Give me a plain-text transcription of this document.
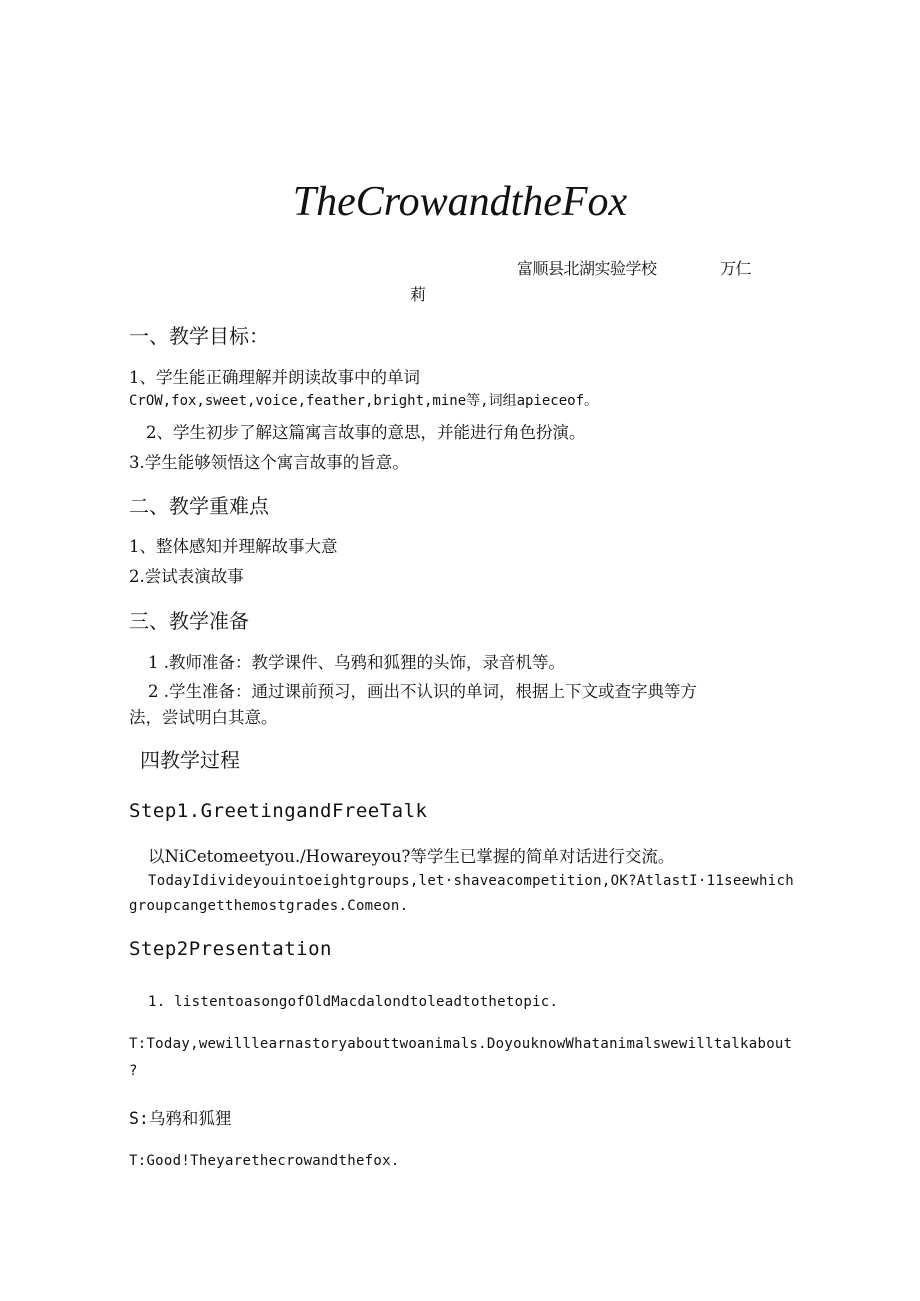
TheCrowandtheFox
富顺县北湖实验学校	万仁
莉
一、教学目标：
1、学生能正确理解并朗读故事中的单词
CrOW,fox,sweet,voice,feather,bright,mine等,词组apieceof。
2、学生初步了解这篇寓言故事的意思，并能进行角色扮演。
3.学生能够领悟这个寓言故事的旨意。
二、教学重难点
1、整体感知并理解故事大意
2.尝试表演故事
三、教学准备
1 .教师准备：教学课件、乌鸦和狐狸的头饰，录音机等。
2 .学生准备：通过课前预习，画出不认识的单词，根据上下文或查字典等方
法，尝试明白其意。
四教学过程
Step1.GreetingandFreeTalk
以NiCetomeetyou./Howareyou?等学生已掌握的简单对话进行交流。
TodayIdivideyouintoeightgroups,let·shaveacompetition,OK?AtlastI·11seewhich
groupcangetthemostgrades.Comeon.
Step2Presentation
1. listentoasongofOldMacdalondtoleadtothetopic.
T:Today,wewilllearnastoryabouttwoanimals.DoyouknowWhatanimalswewilltalkabout
?
S:乌鸦和狐狸
T:Good!Theyarethecrowandthefox.
